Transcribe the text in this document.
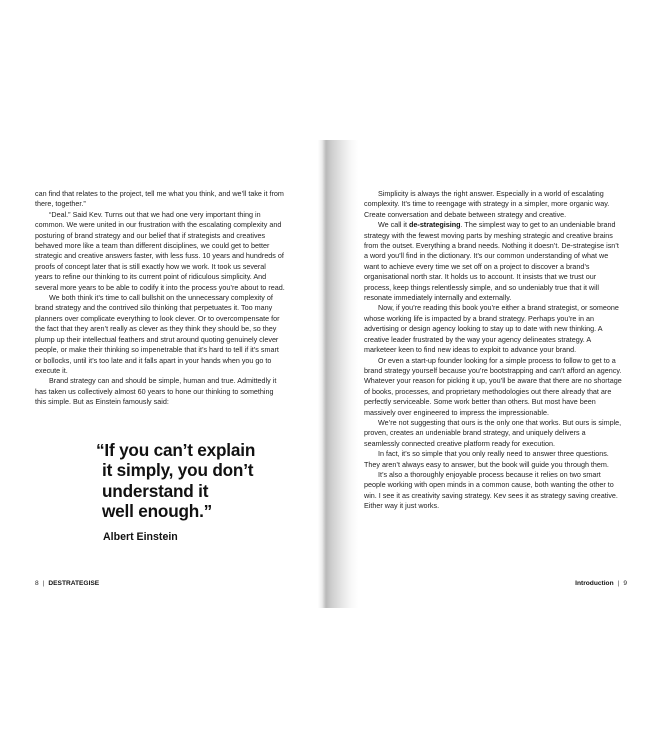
can find that relates to the project, tell me what you think, and we’ll take it from there, together.”

“Deal.” Said Kev. Turns out that we had one very important thing in common. We were united in our frustration with the escalating complexity and posturing of brand strategy and our belief that if strategists and creatives behaved more like a team than different disciplines, we could get to better strategic and creative answers faster, with less fuss. 10 years and hundreds of proofs of concept later that is still exactly how we work. It took us several years to refine our thinking to its current point of ridiculous simplicity. And several more years to be able to codify it into the process you’re about to read.

We both think it’s time to call bullshit on the unnecessary complexity of brand strategy and the contrived silo thinking that perpetuates it. Too many planners over complicate everything to look clever. Or to overcompensate for the fact that they aren’t really as clever as they think they should be, so they plump up their intellectual feathers and strut around quoting genuinely clever people, or make their thinking so impenetrable that it’s hard to tell if it’s smart or bollocks, until it’s too late and it falls apart in your hands when you go to execute it.

Brand strategy can and should be simple, human and true. Admittedly it has taken us collectively almost 60 years to hone our thinking to something this simple. But as Einstein famously said:

“If you can’t explain
it simply, you don’t
understand it
well enough.”
Albert Einstein
8 | DESTRATEGISE

Simplicity is always the right answer. Especially in a world of escalating complexity. It’s time to reengage with strategy in a simpler, more organic way. Create conversation and debate between strategy and creative.

We call it de-strategising. The simplest way to get to an undeniable brand strategy with the fewest moving parts by meshing strategic and creative brains from the outset. Everything a brand needs. Nothing it doesn’t. De-strategise isn’t a word you’ll find in the dictionary. It’s our common understanding of what we want to achieve every time we set off on a project to discover a brand’s organisational north star. It holds us to account. It insists that we trust our process, keep things relentlessly simple, and so undeniably true that it will resonate immediately internally and externally.

Now, if you’re reading this book you’re either a brand strategist, or someone whose working life is impacted by a brand strategy. Perhaps you’re in an advertising or design agency looking to stay up to date with new thinking. A creative leader frustrated by the way your agency delineates strategy. A marketeer keen to find new ideas to exploit to advance your brand.

Or even a start-up founder looking for a simple process to follow to get to a brand strategy yourself because you’re bootstrapping and can’t afford an agency. Whatever your reason for picking it up, you’ll be aware that there are no shortage of books, processes, and proprietary methodologies out there already that are perfectly serviceable. Some work better than others. But most have been massively over engineered to impress the impressionable.

We’re not suggesting that ours is the only one that works. But ours is simple, proven, creates an undeniable brand strategy, and uniquely delivers a seamlessly connected creative platform ready for execution.

In fact, it’s so simple that you only really need to answer three questions. They aren’t always easy to answer, but the book will guide you through them.

It’s also a thoroughly enjoyable process because it relies on two smart people working with open minds in a common cause, both wanting the other to win. I see it as creativity saving strategy. Kev sees it as strategy saving creative. Either way it just works.

Introduction | 9
